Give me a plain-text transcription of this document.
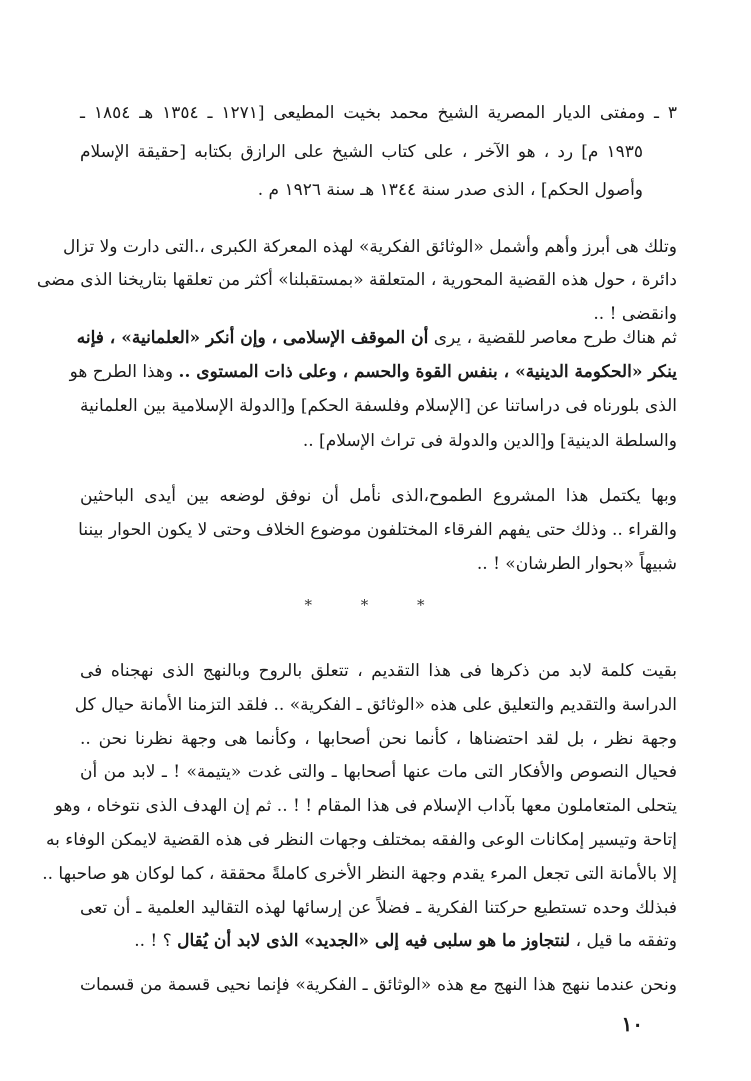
٣ ـ ومفتى الديار المصرية الشيخ محمد بخيت المطيعى [١٢٧١ ـ ١٣٥٤ هـ ١٨٥٤ ـ
١٩٣٥ م] رد ، هو الآخر ، على كتاب الشيخ على الرازق بكتابه [حقيقة الإسلام
وأصول الحكم] ، الذى صدر سنة ١٣٤٤ هـ سنة ١٩٢٦ م .
وتلك هى أبرز وأهم وأشمل «الوثائق الفكرية» لهذه المعركة الكبرى ،.التى دارت ولا تزال
دائرة ، حول هذه القضية المحورية ، المتعلقة «بمستقبلنا» أكثر من تعلقها بتاريخنا الذى مضى
وانقضى ! ..
ثم هناك طرح معاصر للقضية ، يرى أن الموقف الإسلامى ، وإن أنكر «العلمانية» ، فإنه
ينكر «الحكومة الدينية» ، بنفس القوة والحسم ، وعلى ذات المستوى .. وهذا الطرح هو
الذى بلورناه فى دراساتنا عن [الإسلام وفلسفة الحكم] و[الدولة الإسلامية بين العلمانية
والسلطة الدينية] و[الدين والدولة فى تراث الإسلام] ..
وبها يكتمل هذا المشروع الطموح،الذى نأمل أن نوفق لوضعه بين أيدى الباحثين
والقراء .. وذلك حتى يفهم الفرقاء المختلفون موضوع الخلاف وحتى لا يكون الحوار بيننا
شبيهاً «بحوار الطرشان» ! ..
* * *
بقيت كلمة لابد من ذكرها فى هذا التقديم ، تتعلق بالروح وبالنهج الذى نهجناه فى
الدراسة والتقديم والتعليق على هذه «الوثائق ـ الفكرية» .. فلقد التزمنا الأمانة حيال كل
وجهة نظر ، بل لقد احتضناها ، كأنما نحن أصحابها ، وكأنما هى وجهة نظرنا نحن ..
فحيال النصوص والأفكار التى مات عنها أصحابها ـ والتى غدت «يتيمة» ! ـ لابد من أن
يتحلى المتعاملون معها بآداب الإسلام فى هذا المقام ! ! .. ثم إن الهدف الذى نتوخاه ، وهو
إتاحة وتيسير إمكانات الوعى والفقه بمختلف وجهات النظر فى هذه القضية لايمكن الوفاء به
إلا بالأمانة التى تجعل المرء يقدم وجهة النظر الأخرى كاملةً محققة ، كما لوكان هو صاحبها ..
فبذلك وحده تستطيع حركتنا الفكرية ـ فضلاً عن إرسائها لهذه التقاليد العلمية ـ أن تعى
وتفقه ما قيل ، لنتجاوز ما هو سلبى فيه إلى «الجديد» الذى لابد أن يُقال ؟ ! ..
ونحن عندما ننهج هذا النهج مع هذه «الوثائق ـ الفكرية» فإنما نحيى قسمة من قسمات
١٠
